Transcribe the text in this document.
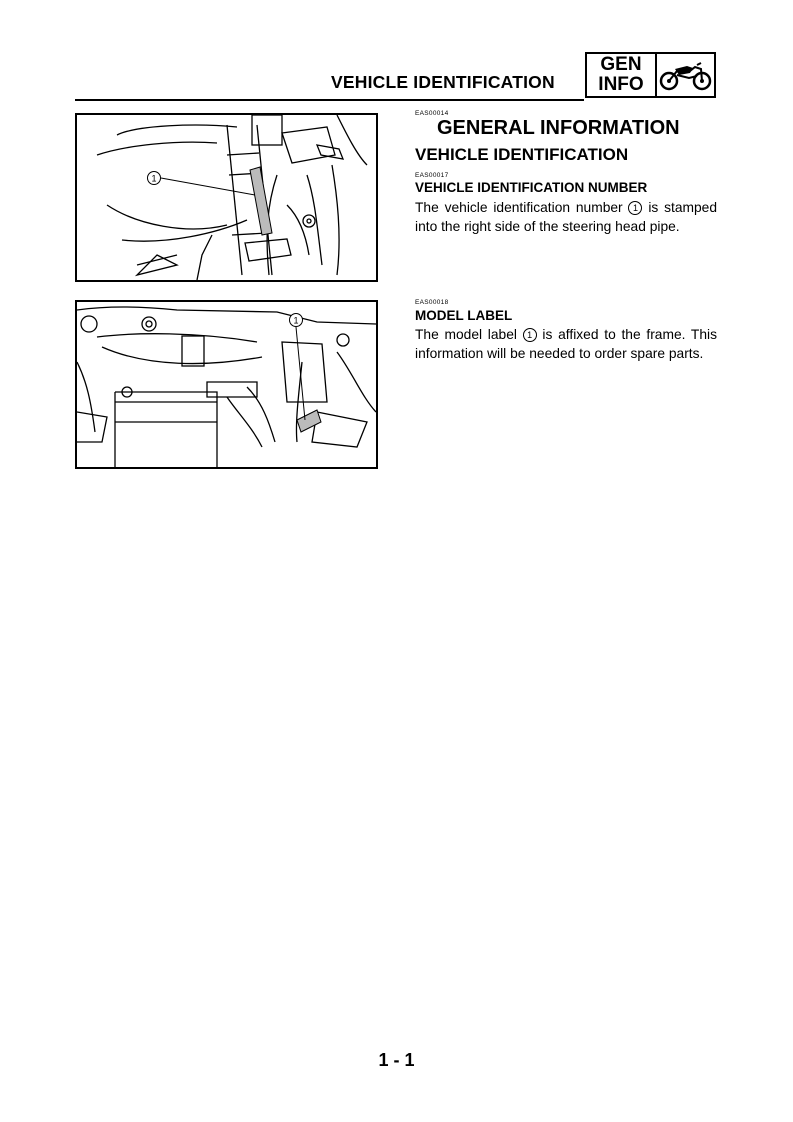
VEHICLE IDENTIFICATION
GEN
INFO
1
1
EAS00014
GENERAL INFORMATION
VEHICLE IDENTIFICATION
EAS00017
VEHICLE IDENTIFICATION NUMBER

The vehicle identification number 1 is stamped into the right side of the steering head pipe.

EAS00018
MODEL LABEL

The model label 1 is affixed to the frame. This information will be needed to order spare parts.

1 - 1
